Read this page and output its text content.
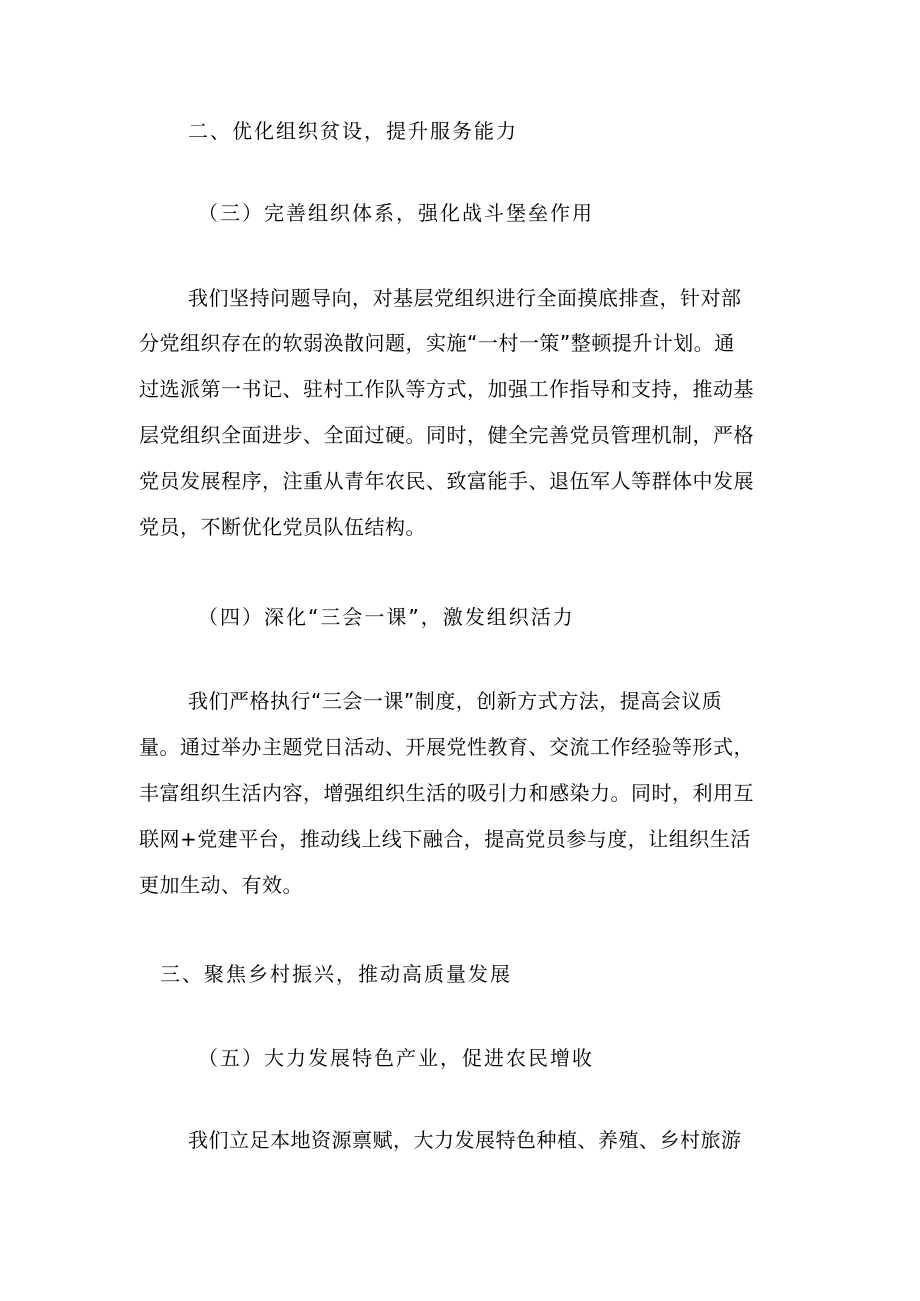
二、优化组织贫设，提升服务能力
（三）完善组织体系，强化战斗堡垒作用
我们坚持问题导向，对基层党组织进行全面摸底排查，针对部
分党组织存在的软弱涣散问题，实施“一村一策”整顿提升计划。通
过选派第一书记、驻村工作队等方式，加强工作指导和支持，推动基
层党组织全面进步、全面过硬。同时，健全完善党员管理机制，严格
党员发展程序，注重从青年农民、致富能手、退伍军人等群体中发展
党员，不断优化党员队伍结构。
（四）深化“三会一课”，激发组织活力
我们严格执行“三会一课”制度，创新方式方法，提高会议质
量。通过举办主题党日活动、开展党性教育、交流工作经验等形式，
丰富组织生活内容，增强组织生活的吸引力和感染力。同时，利用互
联网+党建平台，推动线上线下融合，提高党员参与度，让组织生活
更加生动、有效。
三、聚焦乡村振兴，推动高质量发展
（五）大力发展特色产业，促进农民增收
我们立足本地资源禀赋，大力发展特色种植、养殖、乡村旅游
